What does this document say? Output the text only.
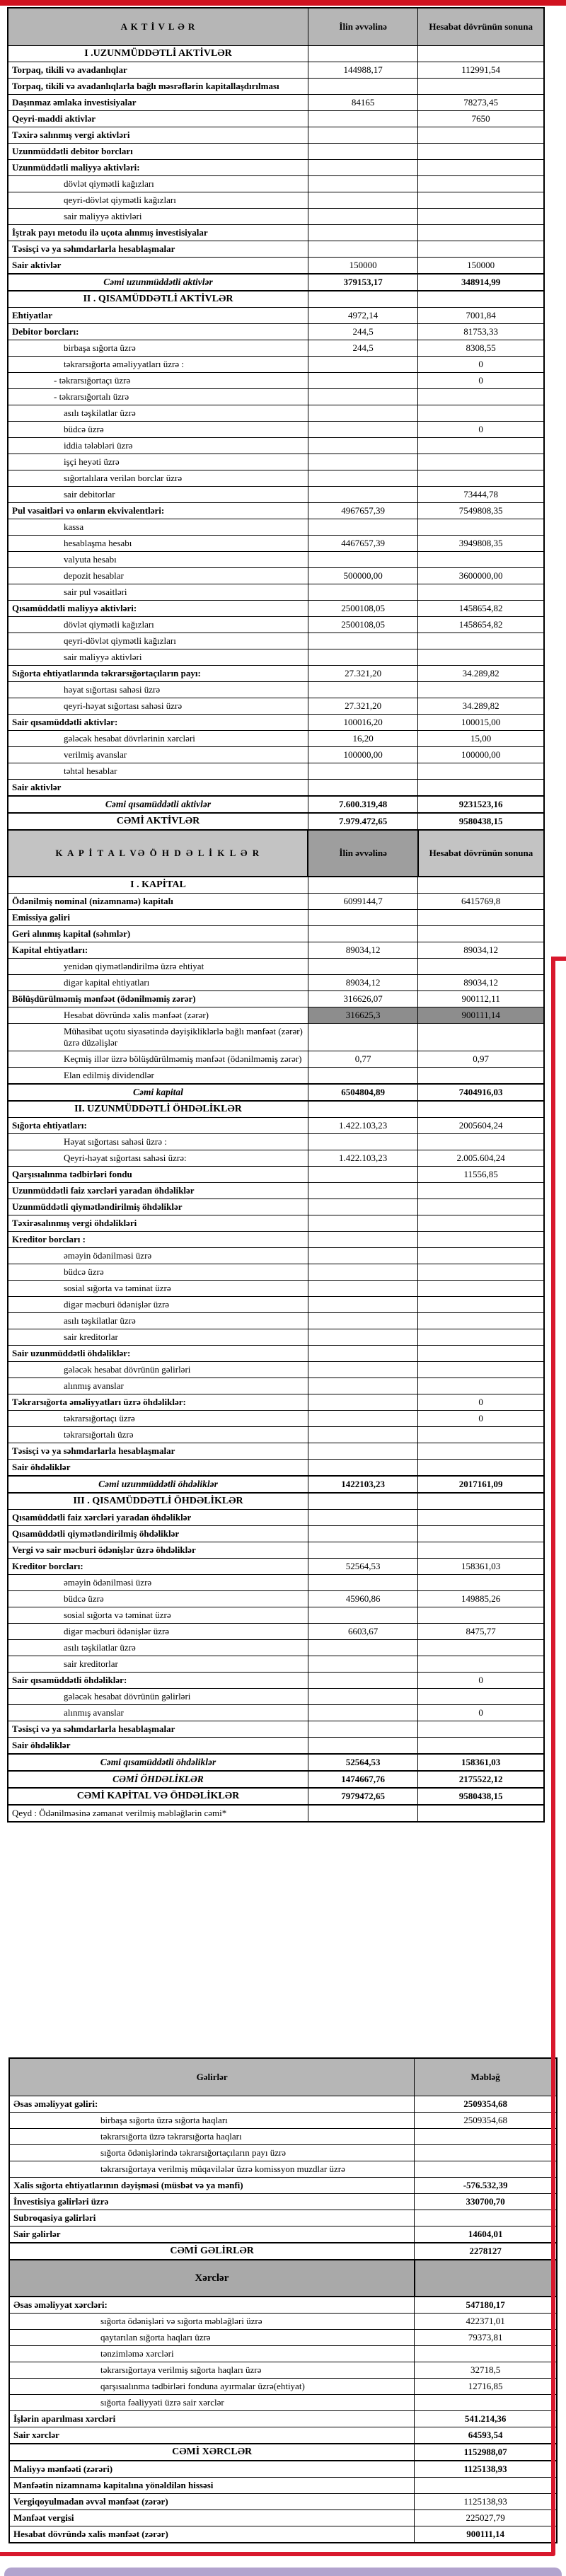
A K T İ V L Ə R	İlin əvvəlinə	Hesabat dövrünün sonuna
I .UZUNMÜDDƏTLİ AKTİVLƏR		
Torpaq, tikili və avadanlıqlar	144988,17	112991,54
Torpaq, tikili və avadanlıqlarla bağlı məsrəflərin kapitallaşdırılması		
Daşınmaz əmlaka investisiyalar	84165	78273,45
Qeyri-maddi aktivlər		7650
Təxirə salınmış vergi aktivləri		
Uzunmüddətli debitor borcları		
Uzunmüddətli maliyyə aktivləri:		
dövlət qiymətli kağızları		
qeyri-dövlət qiymətli kağızları		
sair maliyyə aktivləri		
İştrak payı metodu ilə uçota alınmış investisiyalar		
Təsisçi və ya səhmdarlarla hesablaşmalar		
Sair aktivlər	150000	150000
Cəmi uzunmüddətli aktivlər	379153,17	348914,99
II . QISAMÜDDƏTLİ AKTİVLƏR		
Ehtiyatlar	4972,14	7001,84
Debitor borcları:	244,5	81753,33
birbaşa sığorta üzrə	244,5	8308,55
təkrarsığorta əməliyyatları üzrə :		0
- təkrarsığortaçı üzrə		0
- təkrarsığortalı üzrə		
asılı təşkilatlar üzrə		
büdcə üzrə		0
iddia tələbləri üzrə		
işçi heyəti üzrə		
sığortalılara verilən borclar üzrə		
sair debitorlar		73444,78
Pul vəsaitləri və onların ekvivalentləri:	4967657,39	7549808,35
kassa		
hesablaşma hesabı	4467657,39	3949808,35
valyuta hesabı		
depozit hesablar	500000,00	3600000,00
sair pul vəsaitləri		
Qısamüddətli maliyyə aktivləri:	2500108,05	1458654,82
dövlət qiymətli kağızları	2500108,05	1458654,82
qeyri-dövlət qiymətli kağızları		
sair maliyyə aktivləri		
Sığorta ehtiyatlarında təkrarsığortaçıların payı:	27.321,20	34.289,82
həyat sığortası sahəsi üzrə		
qeyri-həyat sığortası sahəsi üzrə	27.321,20	34.289,82
Sair qısamüddətli aktivlər:	100016,20	100015,00
gələcək hesabat dövrlərinin xərcləri	16,20	15,00
verilmiş avanslar	100000,00	100000,00
təhtəl hesablar		
Sair aktivlər		
Cəmi qısamüddətli aktivlər	7.600.319,48	9231523,16
CƏMİ AKTİVLƏR	7.979.472,65	9580438,15
K A P İ T A L VƏ Ö H D Ə L İ K L Ə R	İlin əvvəlinə	Hesabat dövrünün sonuna
I . KAPİTAL		
Ödənilmiş nominal (nizamnamə) kapitalı	6099144,7	6415769,8
Emissiya gəliri		
Geri alınmış kapital (səhmlər)		
Kapital ehtiyatları:	89034,12	89034,12
yenidən qiymətləndirilmə üzrə ehtiyat		
digər kapital ehtiyatları	89034,12	89034,12
Bölüşdürülməmiş mənfəət (ödənilməmiş zərər)	316626,07	900112,11
Hesabat dövründə xalis mənfəət (zərər)	316625,3	900111,14
Mühasibat uçotu siyasətində dəyişikliklərlə bağlı mənfəət (zərər) üzrə düzəlişlər		
Keçmiş illər üzrə bölüşdürülməmiş mənfəət (ödənilməmiş zərər)	0,77	0,97
Elan edilmiş dividendlər		
Cəmi kapital	6504804,89	7404916,03
II. UZUNMÜDDƏTLİ ÖHDƏLİKLƏR		
Sığorta ehtiyatları:	1.422.103,23	2005604,24
Həyat sığortası sahəsi üzrə :		
Qeyri-həyat sığortası sahəsi üzrə:	1.422.103,23	2.005.604,24
Qarşısıalınma tədbirləri fondu		11556,85
Uzunmüddətli faiz xərcləri yaradan öhdəliklər		
Uzunmüddətli qiymətləndirilmiş öhdəliklər		
Təxirəsalınmış vergi öhdəlikləri		
Kreditor borcları :		
əməyin ödənilməsi üzrə		
büdcə üzrə		
sosial sığorta və təminat üzrə		
digər məcburi ödənişlər üzrə		
asılı təşkilatlar üzrə		
sair kreditorlar		
Sair uzunmüddətli öhdəliklər:		
gələcək hesabat dövrünün gəlirləri		
alınmış avanslar		
Təkrarsığorta əməliyyatları üzrə öhdəliklər:		0
təkrarsığortaçı üzrə		0
təkrarsığortalı üzrə		
Təsisçi və ya səhmdarlarla hesablaşmalar		
Sair öhdəliklər		
Cəmi uzunmüddətli öhdəliklər	1422103,23	2017161,09
III . QISAMÜDDƏTLİ ÖHDƏLİKLƏR		
Qısamüddətli faiz xərcləri yaradan öhdəliklər		
Qısamüddətli qiymətləndirilmiş öhdəliklər		
Vergi və sair məcburi ödənişlər üzrə öhdəliklər		
Kreditor borcları:	52564,53	158361,03
əməyin ödənilməsi üzrə		
büdcə üzrə	45960,86	149885,26
sosial sığorta və təminat üzrə		
digər məcburi ödənişlər üzrə	6603,67	8475,77
asılı təşkilatlar üzrə		
sair kreditorlar		
Sair qısamüddətli öhdəliklər:		0
gələcək hesabat dövrünün gəlirləri		
alınmış avanslar		0
Təsisçi və ya səhmdarlarla hesablaşmalar		
Sair öhdəliklər		
Cəmi qısamüddətli öhdəliklər	52564,53	158361,03
CƏMİ ÖHDƏLİKLƏR	1474667,76	2175522,12
CƏMİ KAPİTAL VƏ ÖHDƏLİKLƏR	7979472,65	9580438,15
Qeyd : Ödənilməsinə zəmanət verilmiş məbləğlərin cəmi*		
Gəlirlər	Məbləğ
Əsas əməliyyat gəliri:	2509354,68
birbaşa sığorta üzrə sığorta haqları	2509354,68
təkrarsığorta üzrə təkrarsığorta haqları	
sığorta ödənişlərində təkrarsığortaçıların payı üzrə	
təkrarsığortaya verilmiş müqavilələr üzrə komissyon muzdlar üzrə	
Xalis sığorta ehtiyatlarının dəyişməsi (müsbət və ya mənfi)	-576.532,39
İnvestisiya gəlirləri üzrə	330700,70
Subroqasiya gəlirləri	
Sair gəlirlər	14604,01
CƏMİ GƏLİRLƏR	2278127
Xərclər	
Əsas əməliyyat xərcləri:	547180,17
sığorta ödənişləri və sığorta məbləğləri üzrə	422371,01
qaytarılan sığorta haqları üzrə	79373,81
tənzimləmə xərcləri	
təkrarsığortaya verilmiş sığorta haqları üzrə	32718,5
qarşısıalınma tədbirləri fonduna ayırmalar üzrə(ehtiyat)	12716,85
sığorta fəaliyyəti üzrə sair xərclər	
İşlərin aparılması xərcləri	541.214,36
Sair xərclər	64593,54
CƏMİ XƏRCLƏR	1152988,07
Maliyyə mənfəəti (zərəri)	1125138,93
Mənfəətin nizamnamə kapitalına yönəldilən hissəsi	
Vergiqoyulmadan əvvəl mənfəət (zərər)	1125138,93
Mənfəət vergisi	225027,79
Hesabat dövründə xalis mənfəət (zərər)	900111,14
